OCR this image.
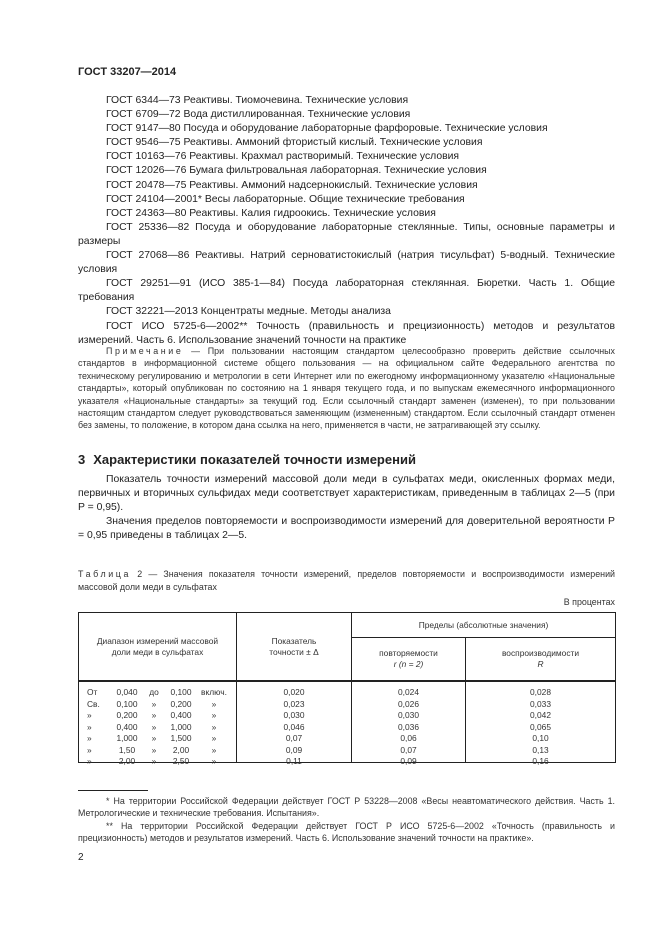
ГОСТ 33207—2014

ГОСТ 6344—73 Реактивы. Тиомочевина. Технические условия

ГОСТ 6709—72 Вода дистиллированная. Технические условия

ГОСТ 9147—80 Посуда и оборудование лабораторные фарфоровые. Технические условия

ГОСТ 9546—75 Реактивы. Аммоний фтористый кислый. Технические условия

ГОСТ 10163—76 Реактивы. Крахмал растворимый. Технические условия

ГОСТ 12026—76 Бумага фильтровальная лабораторная. Технические условия

ГОСТ 20478—75 Реактивы. Аммоний надсернокислый. Технические условия

ГОСТ 24104—2001* Весы лабораторные. Общие технические требования

ГОСТ 24363—80 Реактивы. Калия гидроокись. Технические условия

ГОСТ 25336—82 Посуда и оборудование лабораторные стеклянные. Типы, основные параметры и размеры

ГОСТ 27068—86 Реактивы. Натрий серноватистокислый (натрия тисульфат) 5-водный. Технические условия

ГОСТ 29251—91 (ИСО 385-1—84) Посуда лабораторная стеклянная. Бюретки. Часть 1. Общие требования

ГОСТ 32221—2013 Концентраты медные. Методы анализа

ГОСТ ИСО 5725-6—2002** Точность (правильность и прецизионность) методов и результатов измерений. Часть 6. Использование значений точности на практике

Примечание — При пользовании настоящим стандартом целесообразно проверить действие ссылочных стандартов в информационной системе общего пользования — на официальном сайте Федерального агентства по техническому регулированию и метрологии в сети Интернет или по ежегодному информационному указателю «Национальные стандарты», который опубликован по состоянию на 1 января текущего года, и по выпускам ежемесячного информационного указателя «Национальные стандарты» за текущий год. Если ссылочный стандарт заменен (изменен), то при пользовании настоящим стандартом следует руководствоваться заменяющим (измененным) стандартом. Если ссылочный стандарт отменен без замены, то положение, в котором дана ссылка на него, применяется в части, не затрагивающей эту ссылку.
3 Характеристики показателей точности измерений

Показатель точности измерений массовой доли меди в сульфатах меди, окисленных формах меди, первичных и вторичных сульфидах меди соответствует характеристикам, приведенным в таблицах 2—5 (при P = 0,95).

Значения пределов повторяемости и воспроизводимости измерений для доверительной вероятности P = 0,95 приведены в таблицах 2—5.

Таблица 2 — Значения показателя точности измерений, пределов повторяемости и воспроизводимости измерений массовой доли меди в сульфатах
В процентах
Диапазон измерений массовой доли меди в сульфатах
Показатель точности ± Δ
Пределы (абсолютные значения)
повторяемости
r (n = 2)
воспроизводимости
R
От	0,040	до	0,100	включ.	0,020	0,024	0,028
Св.	0,100	»	0,200	»	0,023	0,026	0,033
»	0,200	»	0,400	»	0,030	0,030	0,042
»	0,400	»	1,000	»	0,046	0,036	0,065
»	1,000	»	1,500	»	0,07	0,06	0,10
»	1,50	»	2,00	»	0,09	0,07	0,13
»	2,00	»	2,50	»	0,11	0,09	0,16

* На территории Российской Федерации действует ГОСТ Р 53228—2008 «Весы неавтоматического действия. Часть 1. Метрологические и технические требования. Испытания».

** На территории Российской Федерации действует ГОСТ Р ИСО 5725-6—2002 «Точность (правильность и прецизионность) методов и результатов измерений. Часть 6. Использование значений точности на практике».

2
